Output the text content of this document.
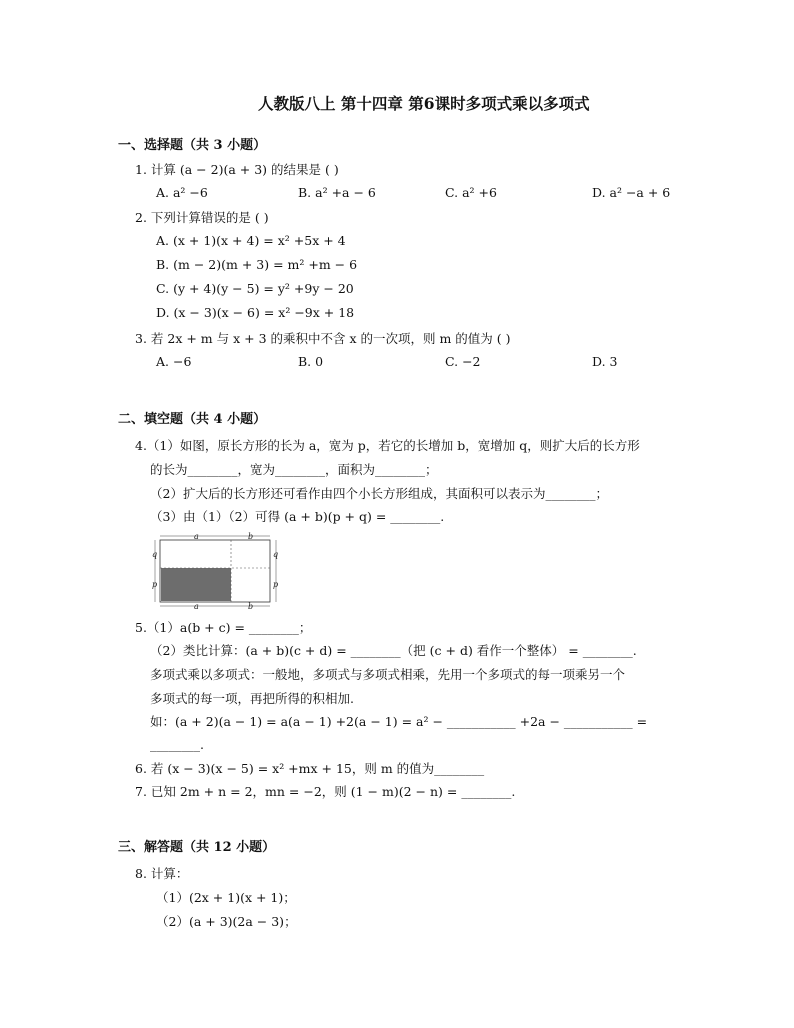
人教版八上 第十四章 第6课时多项式乘以多项式
一、选择题（共 3 小题）
1. 计算 (a − 2)(a + 3) 的结果是 ( )
A. a² −6	B. a² +a − 6	C. a² +6	D. a² −a + 6
2. 下列计算错误的是 ( )
A. (x + 1)(x + 4) = x² +5x + 4
B. (m − 2)(m + 3) = m² +m − 6
C. (y + 4)(y − 5) = y² +9y − 20
D. (x − 3)(x − 6) = x² −9x + 18
3. 若 2x + m 与 x + 3 的乘积中不含 x 的一次项，则 m 的值为 ( )
A. −6	B. 0	C. −2	D. 3
二、填空题（共 4 小题）
4.（1）如图，原长方形的长为 a，宽为 p，若它的长增加 b，宽增加 q，则扩大后的长方形
的长为________，宽为________，面积为________；
（2）扩大后的长方形还可看作由四个小长方形组成，其面积可以表示为________；
（3）由（1）（2）可得 (a + b)(p + q) = ________.
a	b
q
p
q
p
a	b
5.（1）a(b + c) = ________；
（2）类比计算：(a + b)(c + d) = ________（把 (c + d) 看作一个整体） = ________.
多项式乘以多项式：一般地，多项式与多项式相乘，先用一个多项式的每一项乘另一个
多项式的每一项，再把所得的积相加.
如：(a + 2)(a − 1) = a(a − 1) +2(a − 1) = a² − ___________ +2a − ___________ =
________.
6. 若 (x − 3)(x − 5) = x² +mx + 15，则 m 的值为________
7. 已知 2m + n = 2，mn = −2，则 (1 − m)(2 − n) = ________.
三、解答题（共 12 小题）
8. 计算：
（1）(2x + 1)(x + 1)；
（2）(a + 3)(2a − 3)；
